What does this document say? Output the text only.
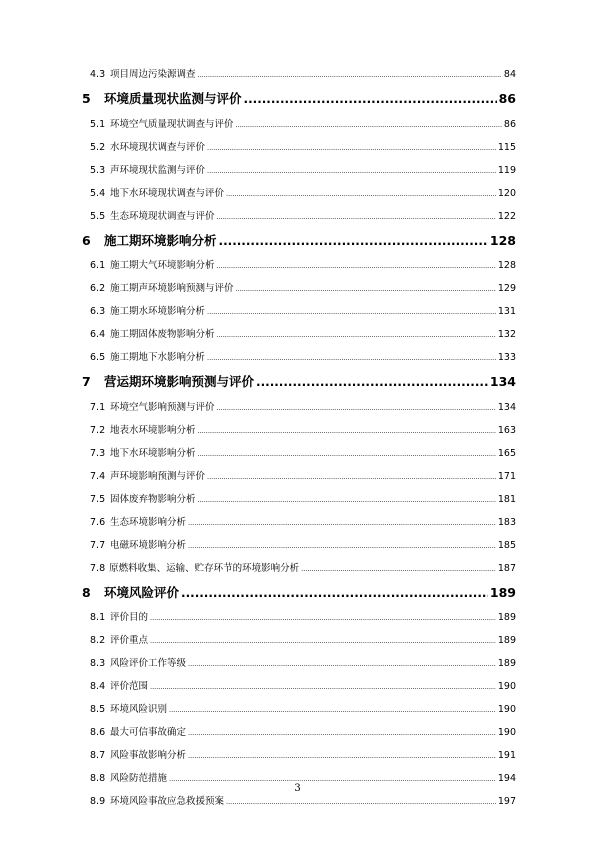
4.3 项目周边污染源调查 .....	84
5	环境质量现状监测与评价 .....	86
5.1 环境空气质量现状调查与评价 .....	86
5.2 水环境现状调查与评价 .....	115
5.3 声环境现状监测与评价 .....	119
5.4 地下水环境现状调查与评价 .....	120
5.5 生态环境现状调查与评价 .....	122
6	施工期环境影响分析 .....	128
6.1 施工期大气环境影响分析 .....	128
6.2 施工期声环境影响预测与评价 .....	129
6.3 施工期水环境影响分析 .....	131
6.4 施工期固体废物影响分析 .....	132
6.5 施工期地下水影响分析 .....	133
7	营运期环境影响预测与评价 .....	134
7.1 环境空气影响预测与评价 .....	134
7.2 地表水环境影响分析 .....	163
7.3 地下水环境影响分析 .....	165
7.4 声环境影响预测与评价 .....	171
7.5 固体废弃物影响分析 .....	181
7.6 生态环境影响分析 .....	183
7.7 电磁环境影响分析 .....	185
7.8 原燃料收集、运输、贮存环节的环境影响分析 .....	187
8	环境风险评价 .....	189
8.1 评价目的 .....	189
8.2 评价重点 .....	189
8.3 风险评价工作等级 .....	189
8.4 评价范围 .....	190
8.5 环境风险识别 .....	190
8.6 最大可信事故确定 .....	190
8.7 风险事故影响分析 .....	191
8.8 风险防范措施 .....	194
8.9 环境风险事故应急救援预案 .....	197
3
